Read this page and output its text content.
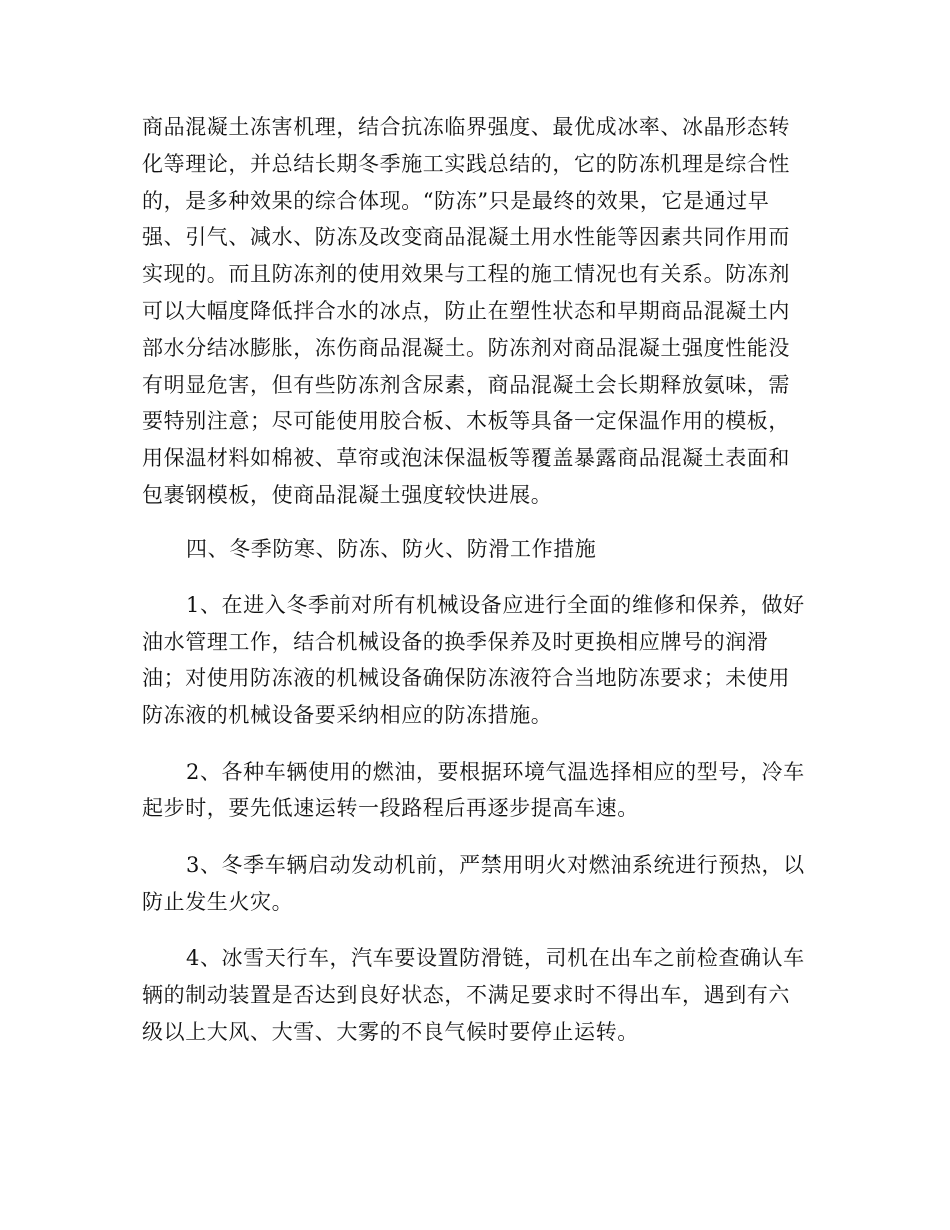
商品混凝土冻害机理，结合抗冻临界强度、最优成冰率、冰晶形态转
化等理论，并总结长期冬季施工实践总结的，它的防冻机理是综合性
的，是多种效果的综合体现。“防冻”只是最终的效果，它是通过早
强、引气、减水、防冻及改变商品混凝土用水性能等因素共同作用而
实现的。而且防冻剂的使用效果与工程的施工情况也有关系。防冻剂
可以大幅度降低拌合水的冰点，防止在塑性状态和早期商品混凝土内
部水分结冰膨胀，冻伤商品混凝土。防冻剂对商品混凝土强度性能没
有明显危害，但有些防冻剂含尿素，商品混凝土会长期释放氨味，需
要特别注意；尽可能使用胶合板、木板等具备一定保温作用的模板，
用保温材料如棉被、草帘或泡沫保温板等覆盖暴露商品混凝土表面和
包裹钢模板，使商品混凝土强度较快进展。
四、冬季防寒、防冻、防火、防滑工作措施
1、在进入冬季前对所有机械设备应进行全面的维修和保养，做好
油水管理工作，结合机械设备的换季保养及时更换相应牌号的润滑
油；对使用防冻液的机械设备确保防冻液符合当地防冻要求；未使用
防冻液的机械设备要采纳相应的防冻措施。
2、各种车辆使用的燃油，要根据环境气温选择相应的型号，冷车
起步时，要先低速运转一段路程后再逐步提高车速。
3、冬季车辆启动发动机前，严禁用明火对燃油系统进行预热，以
防止发生火灾。
4、冰雪天行车，汽车要设置防滑链，司机在出车之前检查确认车
辆的制动装置是否达到良好状态，不满足要求时不得出车，遇到有六
级以上大风、大雪、大雾的不良气候时要停止运转。
